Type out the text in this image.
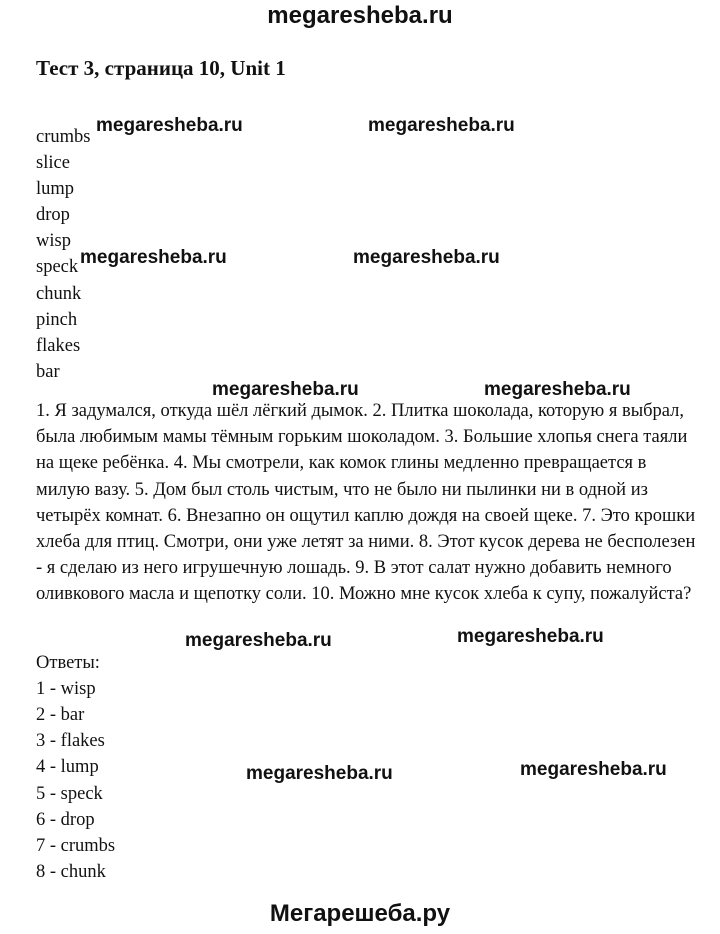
megaresheba.ru
Тест 3, страница 10, Unit 1
crumbs
slice
lump
drop
wisp
speck
chunk
pinch
flakes
bar

1. Я задумался, откуда шёл лёгкий дымок. 2. Плитка шоколада, которую я выбрал, была любимым мамы тёмным горьким шоколадом. 3. Большие хлопья снега таяли на щеке ребёнка. 4. Мы смотрели, как комок глины медленно превращается в милую вазу. 5. Дом был столь чистым, что не было ни пылинки ни в одной из четырёх комнат. 6. Внезапно он ощутил каплю дождя на своей щеке. 7. Это крошки хлеба для птиц. Смотри, они уже летят за ними. 8. Этот кусок дерева не бесполезен - я сделаю из него игрушечную лошадь. 9. В этот салат нужно добавить немного оливкового масла и щепотку соли. 10. Можно мне кусок хлеба к супу, пожалуйста?

Ответы:
1 - wisp
2 - bar
3 - flakes
4 - lump
5 - speck
6 - drop
7 - crumbs
8 - chunk
megaresheba.ru	megaresheba.ru
megaresheba.ru	megaresheba.ru
megaresheba.ru	megaresheba.ru
megaresheba.ru	megaresheba.ru
megaresheba.ru	megaresheba.ru
Мегарешеба.ру
